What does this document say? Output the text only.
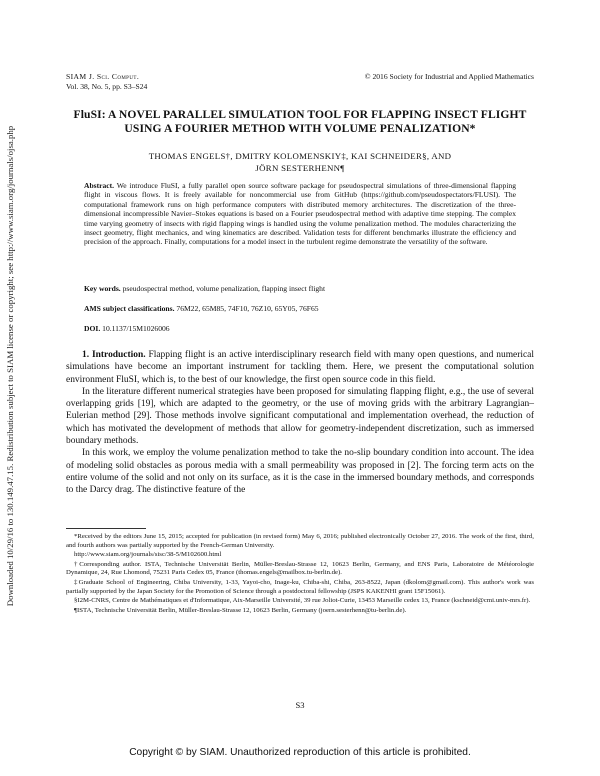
Downloaded 10/29/16 to 130.149.47.15. Redistribution subject to SIAM license or copyright; see http://www.siam.org/journals/ojsa.php
SIAM J. Sci. Comput.
Vol. 38, No. 5, pp. S3–S24
© 2016 Society for Industrial and Applied Mathematics
FluSI: A NOVEL PARALLEL SIMULATION TOOL FOR FLAPPING INSECT FLIGHT USING A FOURIER METHOD WITH VOLUME PENALIZATION*
THOMAS ENGELS†, DMITRY KOLOMENSKIY‡, KAI SCHNEIDER§, AND
JÖRN SESTERHENN¶
Abstract. We introduce FluSI, a fully parallel open source software package for pseudospectral simulations of three-dimensional flapping flight in viscous flows. It is freely available for noncommercial use from GitHub (https://github.com/pseudospectators/FLUSI). The computational framework runs on high performance computers with distributed memory architectures. The discretization of the three-dimensional incompressible Navier–Stokes equations is based on a Fourier pseudospectral method with adaptive time stepping. The complex time varying geometry of insects with rigid flapping wings is handled using the volume penalization method. The modules characterizing the insect geometry, flight mechanics, and wing kinematics are described. Validation tests for different benchmarks illustrate the efficiency and precision of the approach. Finally, computations for a model insect in the turbulent regime demonstrate the versatility of the software.
Key words. pseudospectral method, volume penalization, flapping insect flight
AMS subject classifications. 76M22, 65M85, 74F10, 76Z10, 65Y05, 76F65
DOI. 10.1137/15M1026006

1. Introduction. Flapping flight is an active interdisciplinary research field with many open questions, and numerical simulations have become an important instrument for tackling them. Here, we present the computational solution environment FluSI, which is, to the best of our knowledge, the first open source code in this field.

In the literature different numerical strategies have been proposed for simulating flapping flight, e.g., the use of several overlapping grids [19], which are adapted to the geometry, or the use of moving grids with the arbitrary Lagrangian–Eulerian method [29]. Those methods involve significant computational and implementation overhead, the reduction of which has motivated the development of methods that allow for geometry-independent discretization, such as immersed boundary methods.

In this work, we employ the volume penalization method to take the no-slip boundary condition into account. The idea of modeling solid obstacles as porous media with a small permeability was proposed in [2]. The forcing term acts on the entire volume of the solid and not only on its surface, as it is the case in the immersed boundary methods, and corresponds to the Darcy drag. The distinctive feature of the

*Received by the editors June 15, 2015; accepted for publication (in revised form) May 6, 2016; published electronically October 27, 2016. The work of the first, third, and fourth authors was partially supported by the French-German University.

http://www.siam.org/journals/sisc/38-5/M102600.html

†Corresponding author. ISTA, Technische Universität Berlin, Müller-Breslau-Strasse 12, 10623 Berlin, Germany, and ENS Paris, Laboratoire de Météorologie Dynamique, 24, Rue Lhomond, 75231 Paris Cedex 05, France (thomas.engels@mailbox.tu-berlin.de).

‡Graduate School of Engineering, Chiba University, 1-33, Yayoi-cho, Inage-ku, Chiba-shi, Chiba, 263-8522, Japan (dkolom@gmail.com). This author's work was partially supported by the Japan Society for the Promotion of Science through a postdoctoral fellowship (JSPS KAKENHI grant 15F15061).

§I2M-CNRS, Centre de Mathématiques et d'Informatique, Aix-Marseille Université, 39 rue Joliot-Curie, 13453 Marseille cedex 13, France (kschneid@cmi.univ-mrs.fr).

¶ISTA, Technische Universität Berlin, Müller-Breslau-Strasse 12, 10623 Berlin, Germany (joern.sesterhenn@tu-berlin.de).

S3
Copyright © by SIAM. Unauthorized reproduction of this article is prohibited.
